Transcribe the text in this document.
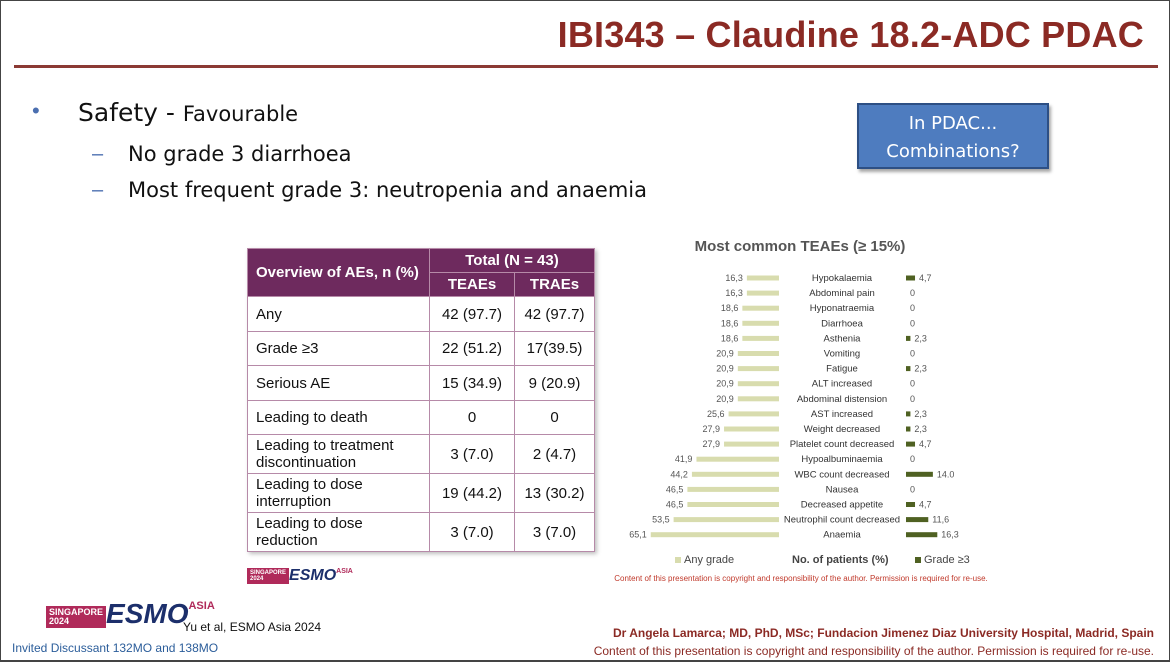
IBI343 – Claudine 18.2-ADC PDAC
• Safety - Favourable
– No grade 3 diarrhoea
– Most frequent grade 3: neutropenia and anaemia
In PDAC...
Combinations?
Overview of AEs, n (%)	Total (N = 43)	
	TEAEs	TRAEs
Any	42 (97.7)	42 (97.7)
Grade ≥3	22 (51.2)	17(39.5)
Serious AE	15 (34.9)	9 (20.9)
Leading to death	0	0
Leading to treatment discontinuation	3 (7.0)	2 (4.7)
Leading to dose interruption	19 (44.2)	13 (30.2)
Leading to dose reduction	3 (7.0)	3 (7.0)
SINGAPORE
2024	ESMO ASIA
Most common TEAEs (≥ 15%)
16,3	Hypokalaemia	4,7
16,3	Abdominal pain	0
18,6	Hyponatraemia	0
18,6	Diarrhoea	0
18,6	Asthenia	2,3
20,9	Vomiting	0
20,9	Fatigue	2,3
20,9	ALT increased	0
20,9	Abdominal distension	0
25,6	AST increased	2,3
27,9	Weight decreased	2,3
27,9	Platelet count decreased	4,7
41,9	Hypoalbuminaemia	0
44,2	WBC count decreased	14.0
46,5	Nausea	0
46,5	Decreased appetite	4,7
53,5	Neutrophil count decreased	11,6
65,1	Anaemia	16,3
Any grade	No. of patients (%)	Grade ≥3
Content of this presentation is copyright and responsibility of the author. Permission is required for re-use.
SINGAPORE
2024	ESMO ASIA
Yu et al, ESMO Asia 2024
Invited Discussant 132MO and 138MO
Dr Angela Lamarca; MD, PhD, MSc; Fundacion Jimenez Diaz University Hospital, Madrid, Spain
Content of this presentation is copyright and responsibility of the author. Permission is required for re-use.
